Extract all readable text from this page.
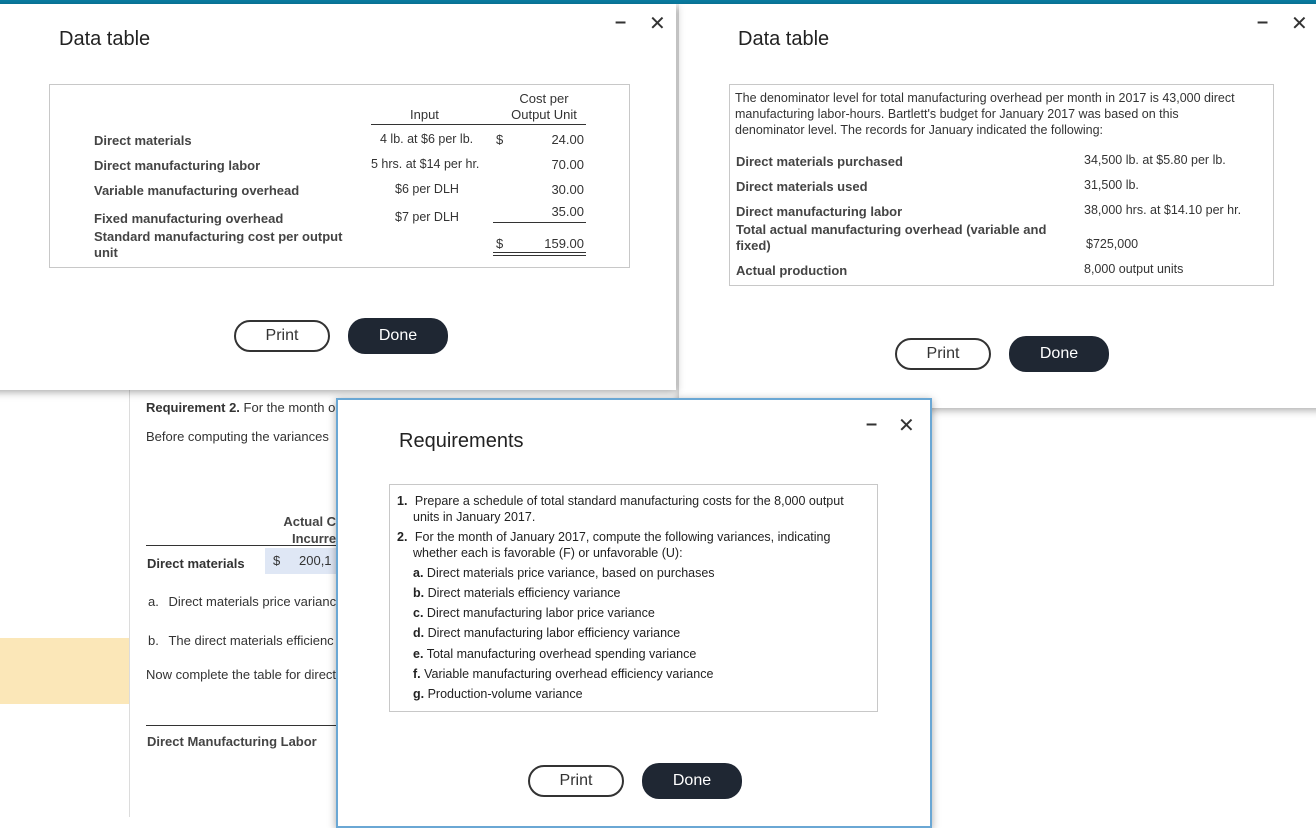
Requirement 2. For the month o
Before computing the variances
Actual C
Incurre
Direct materials $ 200,1
a. Direct materials price varianc
b. The direct materials efficienc
Now complete the table for direct
Direct Manufacturing Labor
Data table
– ✕
The denominator level for total manufacturing overhead per month in 2017 is 43,000 direct
manufacturing labor-hours. Bartlett's budget for January 2017 was based on this
denominator level. The records for January indicated the following:
Direct materials purchased	34,500 lb. at $5.80 per lb.
Direct materials used	31,500 lb.
Direct manufacturing labor	38,000 hrs. at $14.10 per hr.
Total actual manufacturing overhead (variable and
fixed)	$725,000
Actual production	8,000 output units
Print	Done
Data table
– ✕
Input
Cost per
Output Unit
Direct materials	4 lb. at $6 per lb. $	24.00
Direct manufacturing labor	5 hrs. at $14 per hr.	70.00
Variable manufacturing overhead	$6 per DLH	30.00
Fixed manufacturing overhead	$7 per DLH	35.00
Standard manufacturing cost per output
unit
$	159.00
Print	Done
Requirements
– ✕
1. Prepare a schedule of total standard manufacturing costs for the 8,000 output
units in January 2017.
2. For the month of January 2017, compute the following variances, indicating
whether each is favorable (F) or unfavorable (U):
a. Direct materials price variance, based on purchases
b. Direct materials efficiency variance
c. Direct manufacturing labor price variance
d. Direct manufacturing labor efficiency variance
e. Total manufacturing overhead spending variance
f. Variable manufacturing overhead efficiency variance
g. Production-volume variance
Print	Done
